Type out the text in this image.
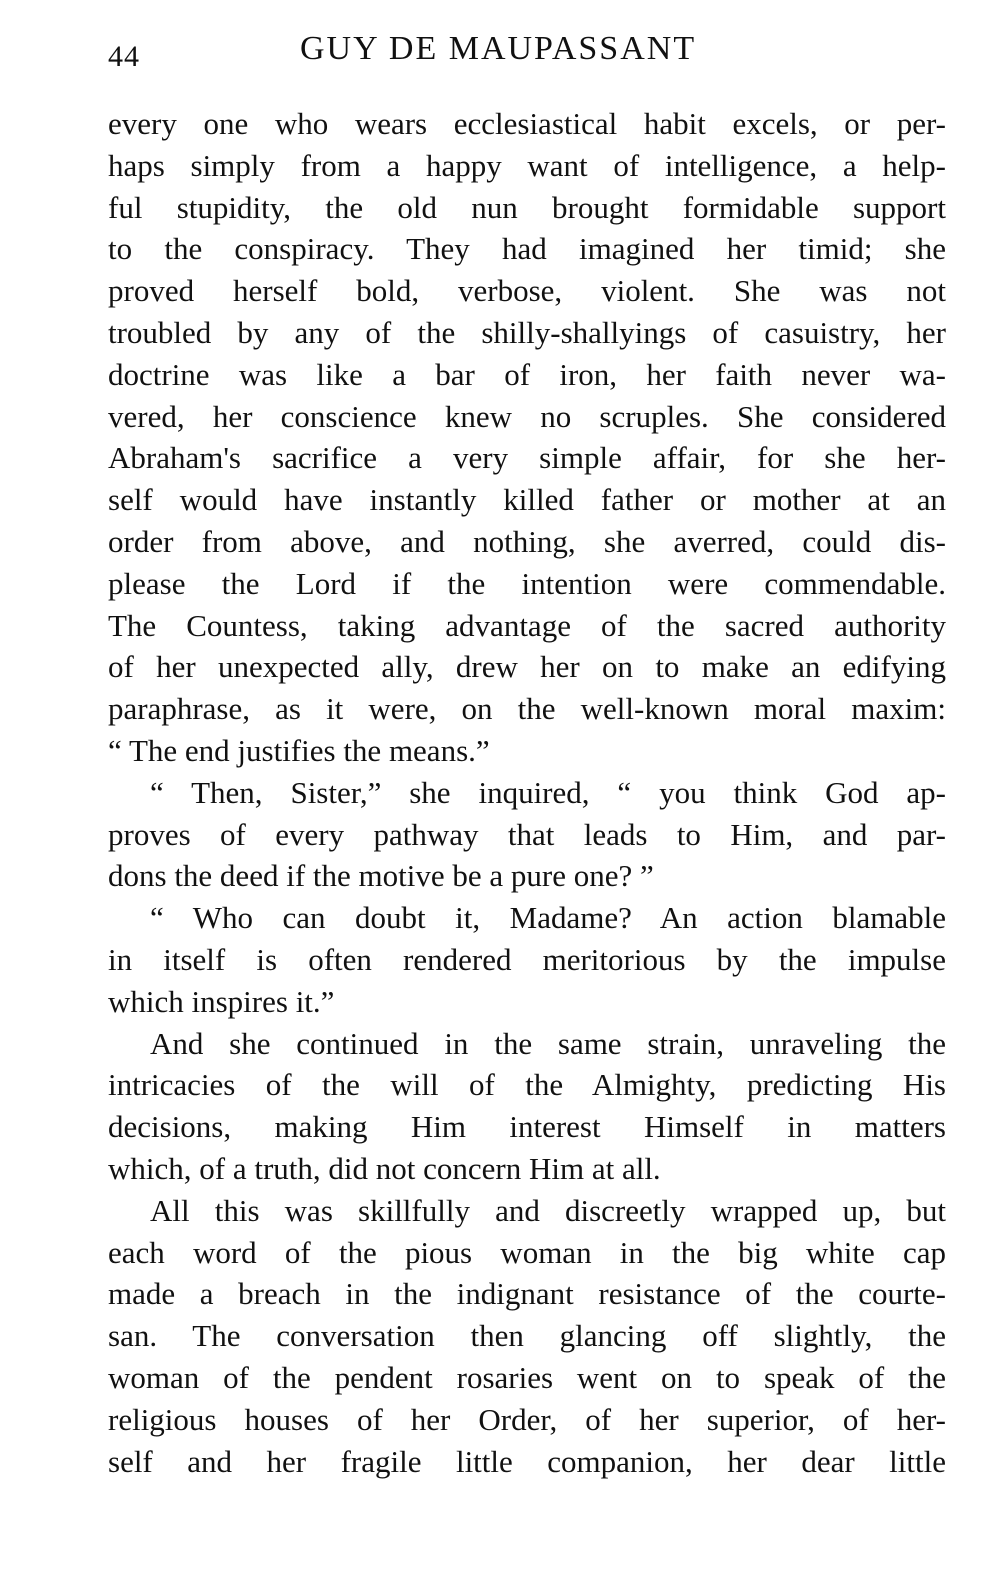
44	GUY DE MAUPASSANT
every one who wears ecclesiastical habit excels, or per-
haps simply from a happy want of intelligence, a help-
ful stupidity, the old nun brought formidable support
to the conspiracy. They had imagined her timid; she
proved herself bold, verbose, violent. She was not
troubled by any of the shilly-shallyings of casuistry, her
doctrine was like a bar of iron, her faith never wa-
vered, her conscience knew no scruples. She considered
Abraham's sacrifice a very simple affair, for she her-
self would have instantly killed father or mother at an
order from above, and nothing, she averred, could dis-
please the Lord if the intention were commendable.
The Countess, taking advantage of the sacred authority
of her unexpected ally, drew her on to make an edifying
paraphrase, as it were, on the well-known moral maxim:
“ The end justifies the means.”
“ Then, Sister,” she inquired, “ you think God ap-
proves of every pathway that leads to Him, and par-
dons the deed if the motive be a pure one? ”
“ Who can doubt it, Madame? An action blamable
in itself is often rendered meritorious by the impulse
which inspires it.”
And she continued in the same strain, unraveling the
intricacies of the will of the Almighty, predicting His
decisions, making Him interest Himself in matters
which, of a truth, did not concern Him at all.
All this was skillfully and discreetly wrapped up, but
each word of the pious woman in the big white cap
made a breach in the indignant resistance of the courte-
san. The conversation then glancing off slightly, the
woman of the pendent rosaries went on to speak of the
religious houses of her Order, of her superior, of her-
self and her fragile little companion, her dear little
